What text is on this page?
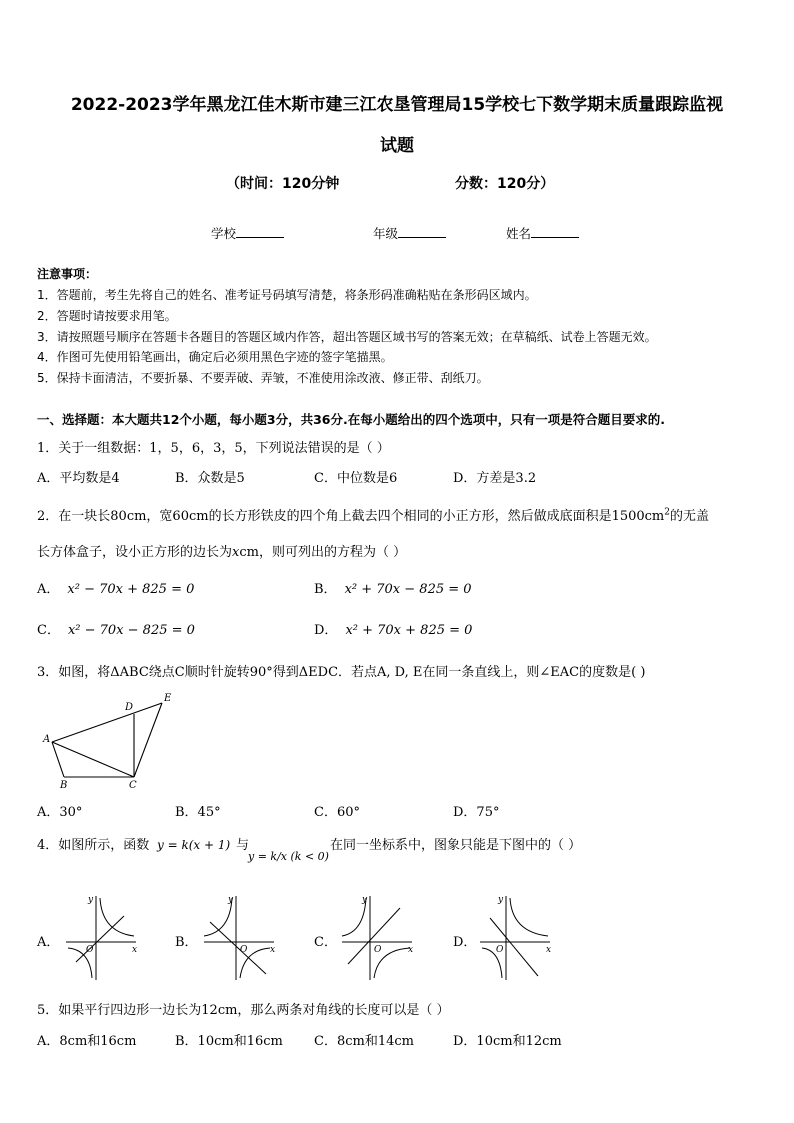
2022-2023学年黑龙江佳木斯市建三江农垦管理局15学校七下数学期末质量跟踪监视
试题
（时间：120分钟	分数：120分）
学校	年级	姓名
注意事项：
1．答题前，考生先将自己的姓名、准考证号码填写清楚，将条形码准确粘贴在条形码区域内。
2．答题时请按要求用笔。
3．请按照题号顺序在答题卡各题目的答题区域内作答，超出答题区域书写的答案无效；在草稿纸、试卷上答题无效。
4．作图可先使用铅笔画出，确定后必须用黑色字迹的签字笔描黑。
5．保持卡面清洁，不要折暴、不要弄破、弄皱，不准使用涂改液、修正带、刮纸刀。
一、选择题：本大题共12个小题，每小题3分，共36分.在每小题给出的四个选项中，只有一项是符合题目要求的.
1．关于一组数据：1，5，6，3，5，下列说法错误的是（ ）
A．平均数是4	B．众数是5	C．中位数是6	D．方差是3.2
2．在一块长80cm，宽60cm的长方形铁皮的四个角上截去四个相同的小正方形，然后做成底面积是$1500cm^2$的无盖
长方体盒子，设小正方形的边长为xcm，则可列出的方程为（ ）
A． x² − 70x + 825 = 0	B． x² + 70x − 825 = 0
C． x² − 70x − 825 = 0	D． x² + 70x + 825 = 0
3．如图，将ΔABC绕点C顺时针旋转90°得到ΔEDC．若点A, D, E在同一条直线上，则∠EAC的度数是( )
A
B	C
D
E
A．30°	B．45°	C．60°	D．75°
4．如图所示，函数 y = k(x + 1) 与
y = k/x (k < 0)
在同一坐标系中，图象只能是下图中的（ ）
A．	B．	C．	D．
y
x
O
y
x
O
y
x
O
y
x
O
5．如果平行四边形一边长为12cm，那么两条对角线的长度可以是（ ）
A．8cm和16cm	B．10cm和16cm C．8cm和14cm	D．10cm和12cm
